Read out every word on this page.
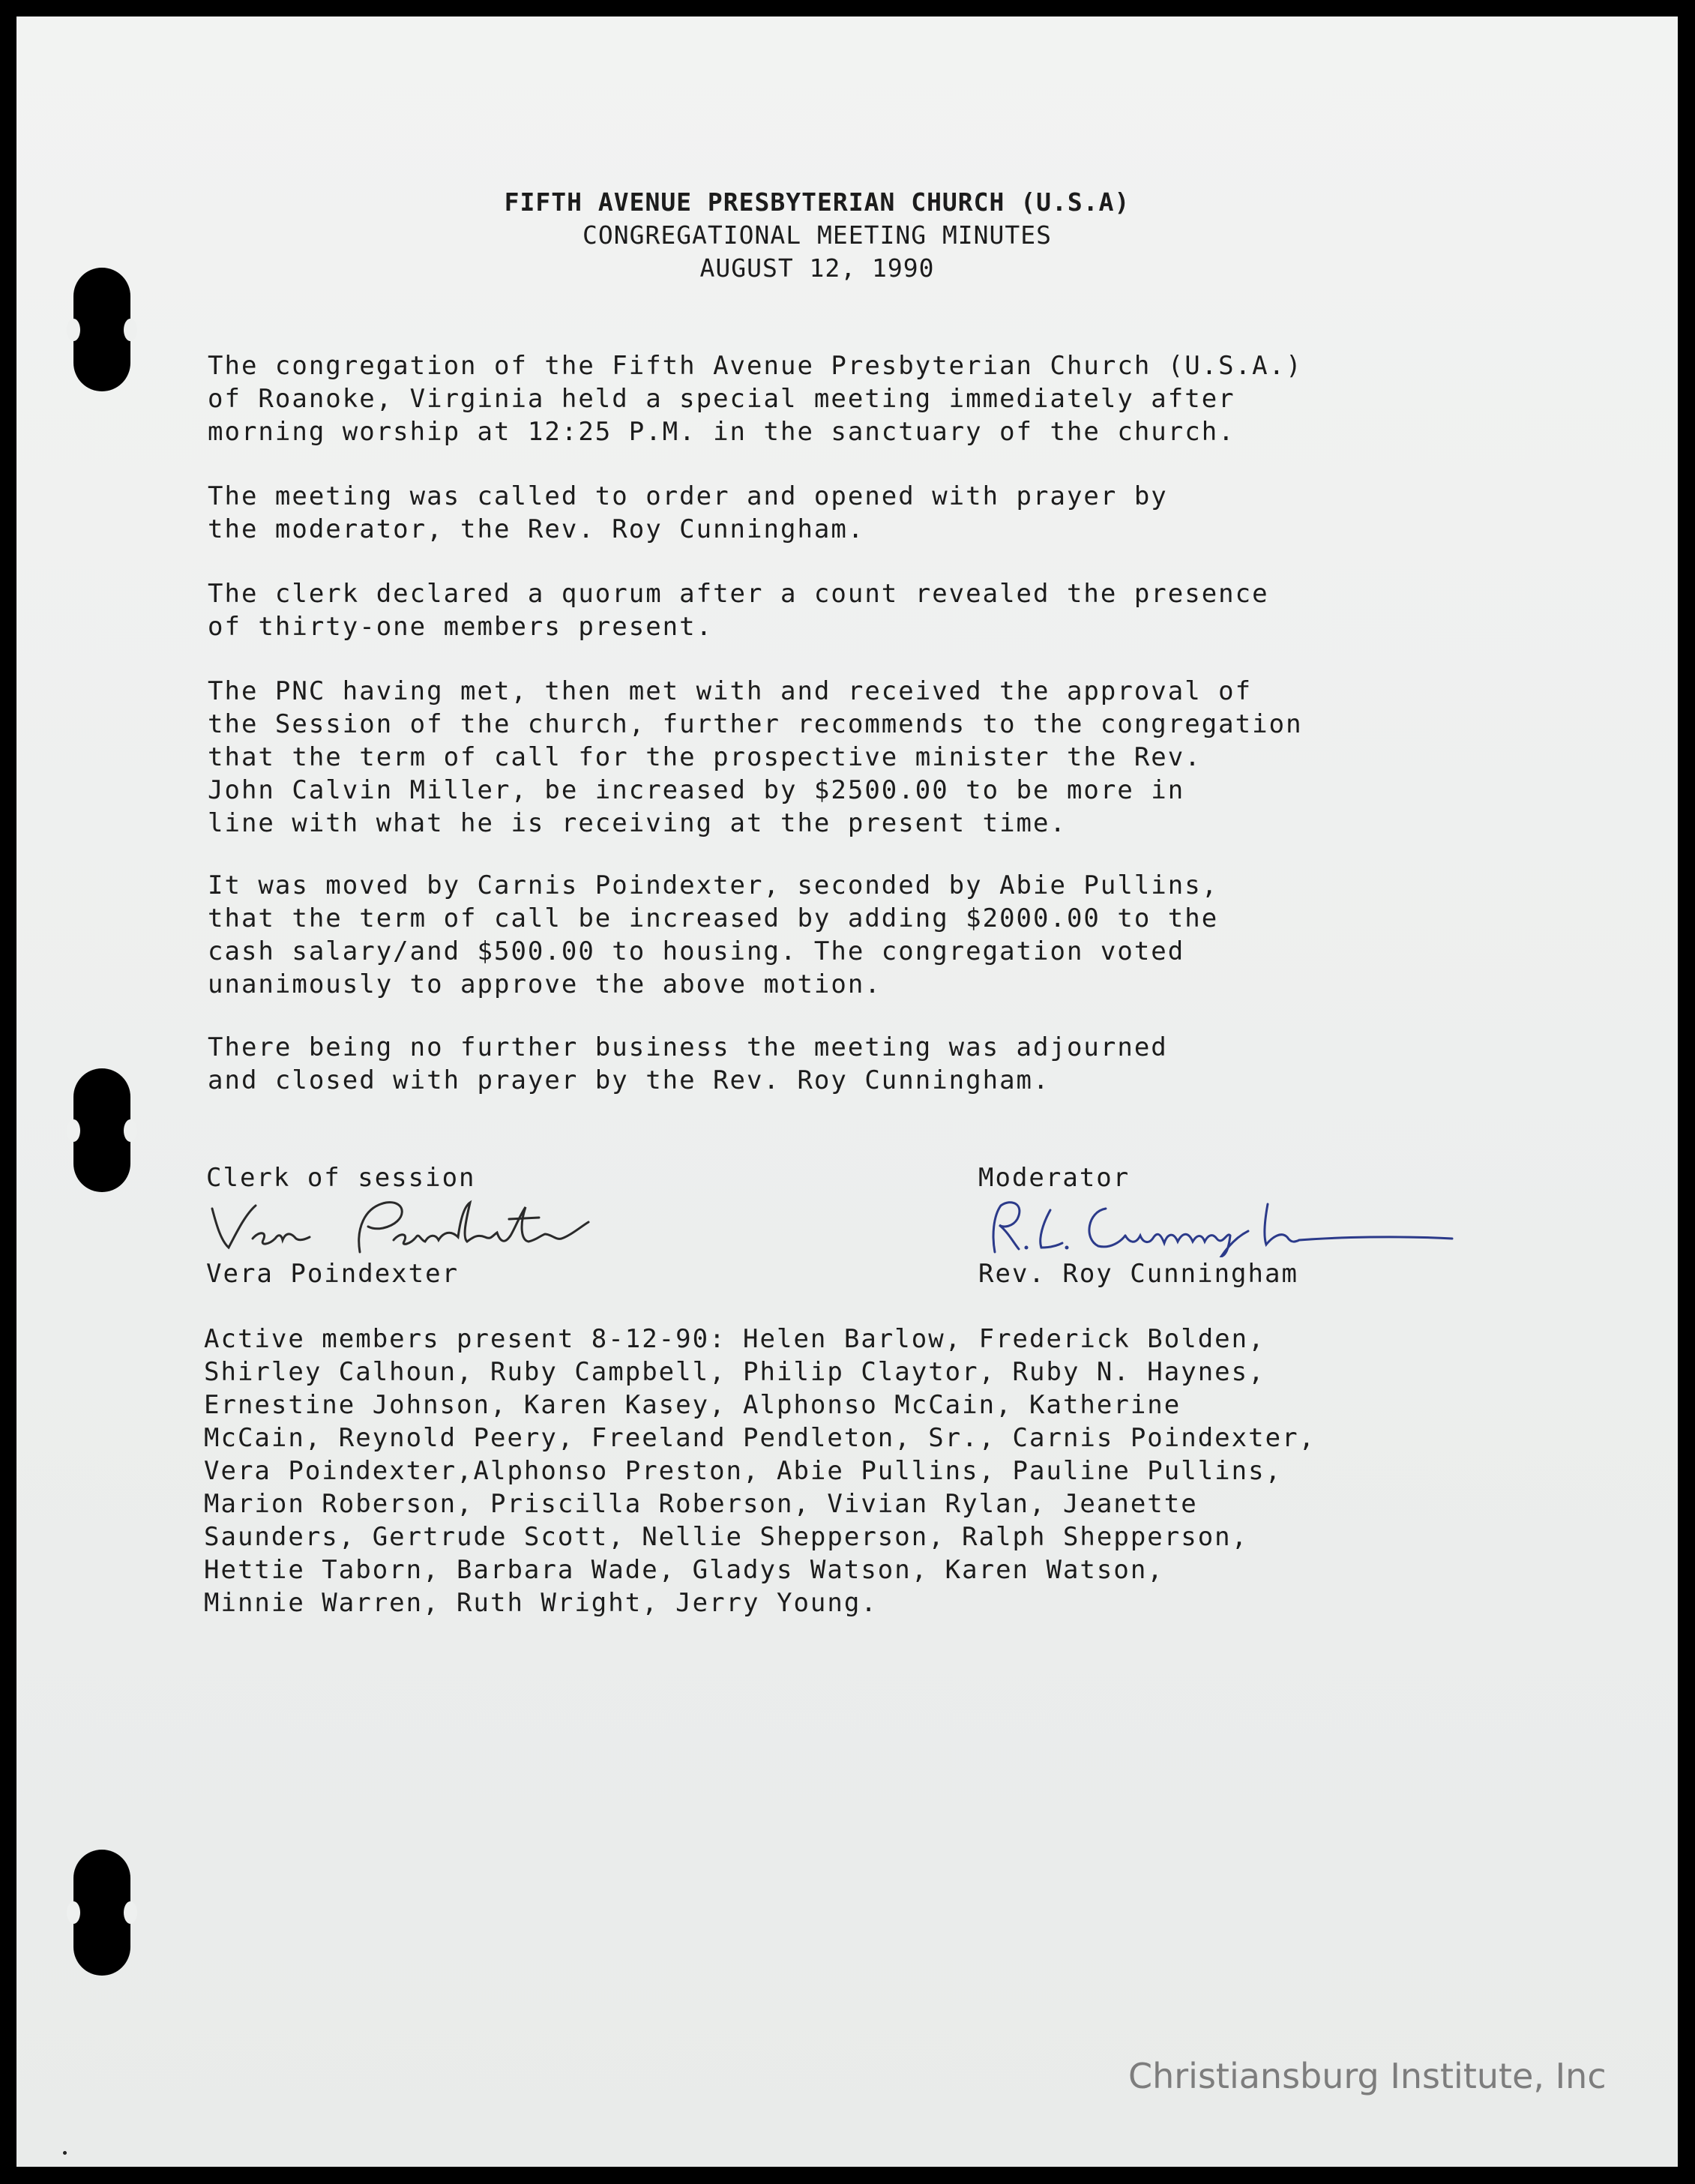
FIFTH AVENUE PRESBYTERIAN CHURCH (U.S.A)
CONGREGATIONAL MEETING MINUTES
AUGUST 12, 1990
The congregation of the Fifth Avenue Presbyterian Church (U.S.A.)
of Roanoke, Virginia held a special meeting immediately after
morning worship at 12:25 P.M. in the sanctuary of the church.
The meeting was called to order and opened with prayer by
the moderator, the Rev. Roy Cunningham.
The clerk declared a quorum after a count revealed the presence
of thirty-one members present.
The PNC having met, then met with and received the approval of
the Session of the church, further recommends to the congregation
that the term of call for the prospective minister the Rev.
John Calvin Miller, be increased by $2500.00 to be more in
line with what he is receiving at the present time.
It was moved by Carnis Poindexter, seconded by Abie Pullins,
that the term of call be increased by adding $2000.00 to the
cash salary/and $500.00 to housing. The congregation voted
unanimously to approve the above motion.
There being no further business the meeting was adjourned
and closed with prayer by the Rev. Roy Cunningham.
Clerk of session
Vera Poindexter
Vera Poindexter
Moderator
R. L. Cunningham
Rev. Roy Cunningham
Active members present 8-12-90: Helen Barlow, Frederick Bolden,
Shirley Calhoun, Ruby Campbell, Philip Claytor, Ruby N. Haynes,
Ernestine Johnson, Karen Kasey, Alphonso McCain, Katherine
McCain, Reynold Peery, Freeland Pendleton, Sr., Carnis Poindexter,
Vera Poindexter,Alphonso Preston, Abie Pullins, Pauline Pullins,
Marion Roberson, Priscilla Roberson, Vivian Rylan, Jeanette
Saunders, Gertrude Scott, Nellie Shepperson, Ralph Shepperson,
Hettie Taborn, Barbara Wade, Gladys Watson, Karen Watson,
Minnie Warren, Ruth Wright, Jerry Young.
Christiansburg Institute, Inc
